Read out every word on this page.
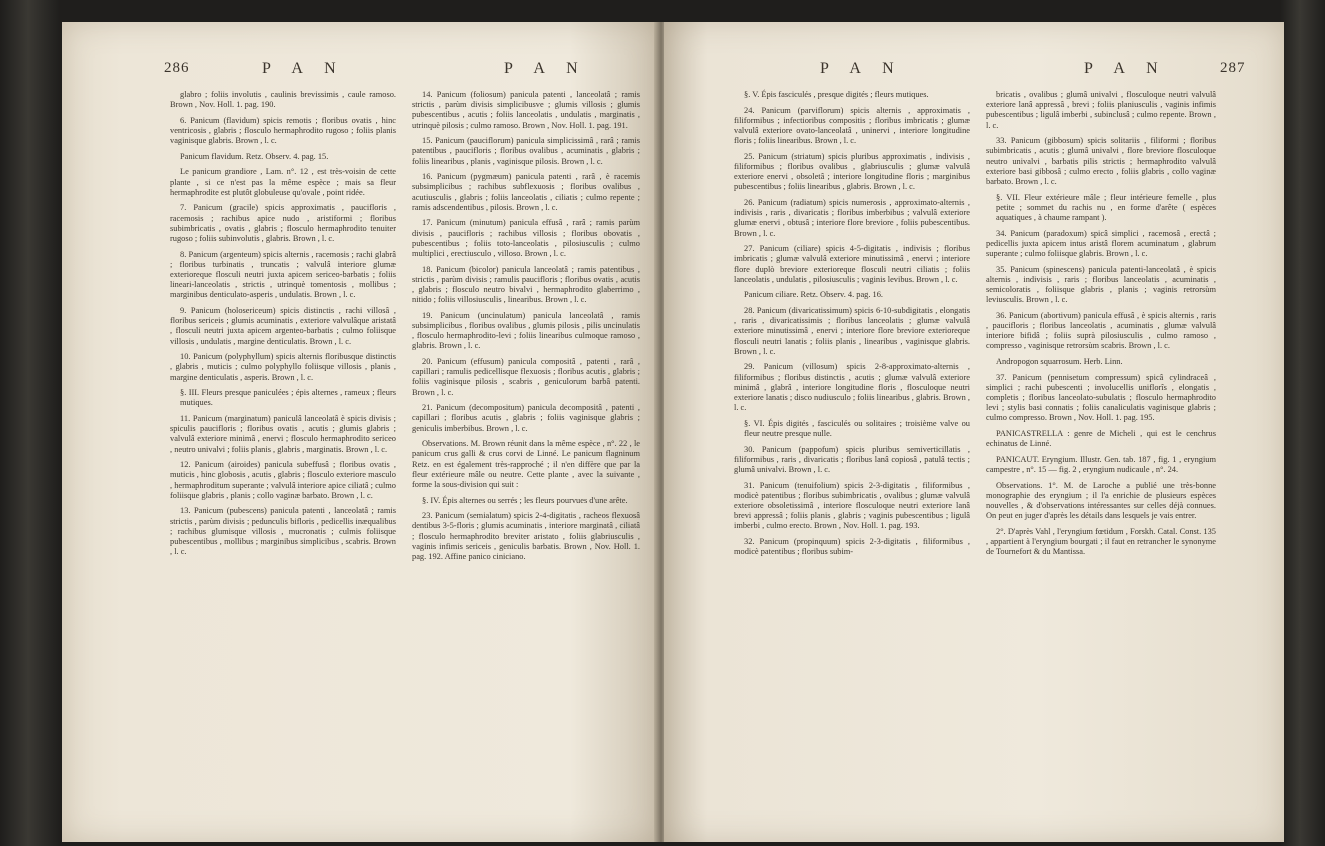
286	P A N	P A N

glabro ; foliis involutis , caulinis brevissimis , caule ramoso. Brown , Nov. Holl. 1. pag. 190.

6. Panicum (flavidum) spicis remotis ; floribus ovatis , hinc ventricosis , glabris ; flosculo hermaphrodito rugoso ; foliis planis vaginisque glabris. Brown , l. c.

Panicum flavidum. Retz. Observ. 4. pag. 15.

Le panicum grandiore , Lam. n°. 12 , est très-voisin de cette plante , si ce n'est pas la même espèce ; mais sa fleur hermaphrodite est plutôt globuleuse qu'ovale , point ridée.

7. Panicum (gracile) spicis approximatis , paucifloris , racemosis ; rachibus apice nudo , aristiformi ; floribus subimbricatis , ovatis , glabris ; flosculo hermaphrodito tenuiter rugoso ; foliis subinvolutis , glabris. Brown , l. c.

8. Panicum (argenteum) spicis alternis , racemosis ; rachi glabrâ ; floribus turbinatis , truncatis ; valvulâ interiore glumæ exterioreque flosculi neutri juxta apicem sericeo-barbatis ; foliis lineari-lanceolatis , strictis , utrinquè tomentosis , mollibus ; marginibus denticulato-asperis , undulatis. Brown , l. c.

9. Panicum (holosericeum) spicis distinctis , rachi villosâ , floribus sericeis ; glumis acuminatis , exteriore valvulâque aristatâ , flosculi neutri juxta apicem argenteo-barbatis ; culmo foliisque villosis , undulatis , margine denticulatis. Brown , l. c.

10. Panicum (polyphyllum) spicis alternis floribusque distinctis , glabris , muticis ; culmo polyphyllo foliisque villosis , planis , margine denticulatis , asperis. Brown , l. c.

§. III. Fleurs presque paniculées ; épis alternes , rameux ; fleurs mutiques.

11. Panicum (marginatum) paniculâ lanceolatâ è spicis divisis ; spiculis paucifloris ; floribus ovatis , acutis ; glumis glabris ; valvulâ exteriore minimâ , enervi ; flosculo hermaphrodito sericeo , neutro univalvi ; foliis planis , glabris , marginatis. Brown , l. c.

12. Panicum (airoides) panicula subeffusâ ; floribus ovatis , muticis , hinc globosis , acutis , glabris ; flosculo exteriore masculo , hermaphroditum superante ; valvulâ interiore apice ciliatâ ; culmo foliisque glabris , planis ; collo vaginæ barbato. Brown , l. c.

13. Panicum (pubescens) panicula patenti , lanceolatâ ; ramis strictis , parùm divisis ; pedunculis bifloris , pedicellis inæqualibus ; rachibus glumisque villosis , mucronatis ; culmis foliisque pubescentibus , mollibus ; marginibus simplicibus , scabris. Brown , l. c.

14. Panicum (foliosum) panicula patenti , lanceolatâ ; ramis strictis , parùm divisis simplicibusve ; glumis villosis ; glumis pubescentibus , acutis ; foliis lanceolatis , undulatis , marginatis , utrinquè pilosis ; culmo ramoso. Brown , Nov. Holl. 1. pag. 191.

15. Panicum (pauciflorum) panicula simplicissimâ , rarâ ; ramis patentibus , paucifloris ; floribus ovalibus , acuminatis , glabris ; foliis linearibus , planis , vaginisque pilosis. Brown , l. c.

16. Panicum (pygmæum) panicula patenti , rarâ , è racemis subsimplicibus ; rachibus subflexuosis ; floribus ovalibus , acutiusculis , glabris ; foliis lanceolatis , ciliatis ; culmo repente ; ramis adscendentibus , pilosis. Brown , l. c.

17. Panicum (minutum) panicula effusâ , rarâ ; ramis parùm divisis , paucifloris ; rachibus villosis ; floribus obovatis , pubescentibus ; foliis toto-lanceolatis , pilosiusculis ; culmo multiplici , erectiusculo , villoso. Brown , l. c.

18. Panicum (bicolor) panicula lanceolatâ ; ramis patentibus , strictis , parùm divisis ; ramulis paucifloris ; floribus ovatis , acutis , glabris ; flosculo neutro bivalvi , hermaphrodito glaberrimo , nitido ; foliis villosiusculis , linearibus. Brown , l. c.

19. Panicum (uncinulatum) panicula lanceolatâ , ramis subsimplicibus , floribus ovalibus , glumis pilosis , pilis uncinulatis , flosculo hermaphrodito-levi ; foliis linearibus culmoque ramoso , glabris. Brown , l. c.

20. Panicum (effusum) panicula compositâ , patenti , rarâ , capillari ; ramulis pedicellisque flexuosis ; floribus acutis , glabris ; foliis vaginisque pilosis , scabris , geniculorum barbâ patenti. Brown , l. c.

21. Panicum (decompositum) panicula decompositâ , patenti , capillari ; floribus acutis , glabris ; foliis vaginisque glabris ; geniculis imberbibus. Brown , l. c.

Observations. M. Brown réunit dans la même espèce , n°. 22 , le panicum crus galli & crus corvi de Linné. Le panicum flagninum Retz. en est également très-rapproché ; il n'en diffère que par la fleur extérieure mâle ou neutre. Cette plante , avec la suivante , forme la sous-division qui suit :

§. IV. Épis alternes ou serrés ; les fleurs pourvues d'une arête.

23. Panicum (semialatum) spicis 2-4-digitatis , racheos flexuosâ dentibus 3-5-floris ; glumis acuminatis , interiore marginatâ , ciliatâ ; flosculo hermaphrodito breviter aristato , foliis glabriusculis , vaginis infimis sericeis , geniculis barbatis. Brown , Nov. Holl. 1. pag. 192. Affine panico ciniciano.

P A N	P A N	287

§. V. Épis fasciculés , presque digités ; fleurs mutiques.

24. Panicum (parviflorum) spicis alternis , approximatis , filiformibus ; infectioribus compositis ; floribus imbricatis ; glumæ valvulâ exteriore ovato-lanceolatâ , uninervi , interiore longitudine floris ; foliis linearibus. Brown , l. c.

25. Panicum (striatum) spicis pluribus approximatis , indivisis , filiformibus ; floribus ovalibus , glabriusculis ; glumæ valvulâ exteriore enervi , obsoletâ ; interiore longitudine floris ; marginibus pubescentibus ; foliis linearibus , glabris. Brown , l. c.

26. Panicum (radiatum) spicis numerosis , approximato-alternis , indivisis , raris , divaricatis ; floribus imberbibus ; valvulâ exteriore glumæ enervi , obtusâ ; interiore flore breviore , foliis pubescentibus. Brown , l. c.

27. Panicum (ciliare) spicis 4-5-digitatis , indivisis ; floribus imbricatis ; glumæ valvulâ exteriore minutissimâ , enervi ; interiore flore duplò breviore exterioreque flosculi neutri ciliatis ; foliis lanceolatis , undulatis , pilosiusculis ; vaginis levibus. Brown , l. c.

Panicum ciliare. Retz. Observ. 4. pag. 16.

28. Panicum (divaricatissimum) spicis 6-10-subdigitatis , elongatis , raris , divaricatissimis ; floribus lanceolatis ; glumæ valvulâ exteriore minutissimâ , enervi ; interiore flore breviore exterioreque flosculi neutri lanatis ; foliis planis , linearibus , vaginisque glabris. Brown , l. c.

29. Panicum (villosum) spicis 2-8-approximato-alternis , filiformibus ; floribus distinctis , acutis ; glumæ valvulâ exteriore minimâ , glabrâ , interiore longitudine floris , flosculoque neutri exteriore lanatis ; disco nudiusculo ; foliis linearibus , glabris. Brown , l. c.

§. VI. Épis digités , fasciculés ou solitaires ; troisième valve ou fleur neutre presque nulle.

30. Panicum (pappofum) spicis pluribus semiverticillatis , filiformibus , raris , divaricatis ; floribus lanâ copiosâ , patulâ tectis ; glumâ univalvi. Brown , l. c.

31. Panicum (tenuifolium) spicis 2-3-digitatis , filiformibus , modicè patentibus ; floribus subimbricatis , ovalibus ; glumæ valvulâ exteriore obsoletissimâ , interiore flosculoque neutri exteriore lanâ brevi appressâ ; foliis planis , glabris ; vaginis pubescentibus ; ligulâ imberbi , culmo erecto. Brown , Nov. Holl. 1. pag. 193.

32. Panicum (propinquum) spicis 2-3-digitatis , filiformibus , modicè patentibus ; floribus subim-

bricatis , ovalibus ; glumâ univalvi , flosculoque neutri valvulâ exteriore lanâ appressâ , brevi ; foliis planiusculis , vaginis infimis pubescentibus ; ligulâ imberbi , subinclusâ ; culmo repente. Brown , l. c.

33. Panicum (gibbosum) spicis solitariis , filiformi ; floribus subimbricatis , acutis ; glumâ univalvi , flore breviore flosculoque neutro univalvi , barbatis pilis strictis ; hermaphrodito valvulâ exteriore basi gibbosâ ; culmo erecto , foliis glabris , collo vaginæ barbato. Brown , l. c.

§. VII. Fleur extérieure mâle ; fleur intérieure femelle , plus petite ; sommet du rachis nu , en forme d'arête ( espèces aquatiques , à chaume rampant ).

34. Panicum (paradoxum) spicâ simplici , racemosâ , erectâ ; pedicellis juxta apicem intus aristâ florem acuminatum , glabrum superante ; culmo foliisque glabris. Brown , l. c.

35. Panicum (spinescens) panicula patenti-lanceolatâ , è spicis alternis , indivisis , raris ; floribus lanceolatis , acuminatis , semicoloratis , foliisque glabris , planis ; vaginis retrorsùm leviusculis. Brown , l. c.

36. Panicum (abortivum) panicula effusâ , è spicis alternis , raris , paucifloris ; floribus lanceolatis , acuminatis , glumæ valvulâ interiore bifidâ ; foliis suprà pilosiusculis , culmo ramoso , compresso , vaginisque retrorsùm scabris. Brown , l. c.

Andropogon squarrosum. Herb. Linn.

37. Panicum (pennisetum compressum) spicâ cylindraceâ , simplici ; rachi pubescenti ; involucellis uniflorîs , elongatis , completis ; floribus lanceolato-subulatis ; flosculo hermaphrodito levi ; stylis basi connatis ; foliis canaliculatis vaginisque glabris ; culmo compresso. Brown , Nov. Holl. 1. pag. 195.

PANICASTRELLA : genre de Micheli , qui est le cenchrus echinatus de Linné.

PANICAUT. Eryngium. Illustr. Gen. tab. 187 , fig. 1 , eryngium campestre , n°. 15 — fig. 2 , eryngium nudicaule , n°. 24.

Observations. 1°. M. de Laroche a publié une très-bonne monographie des eryngium ; il l'a enrichie de plusieurs espèces nouvelles , & d'observations intéressantes sur celles déjà connues. On peut en juger d'après les détails dans lesquels je vais entrer.

2°. D'après Vahl , l'eryngium fœtidum , Forskh. Catal. Const. 135 , appartient à l'eryngium bourgati ; il faut en retrancher le synonyme de Tournefort & du Mantissa.
